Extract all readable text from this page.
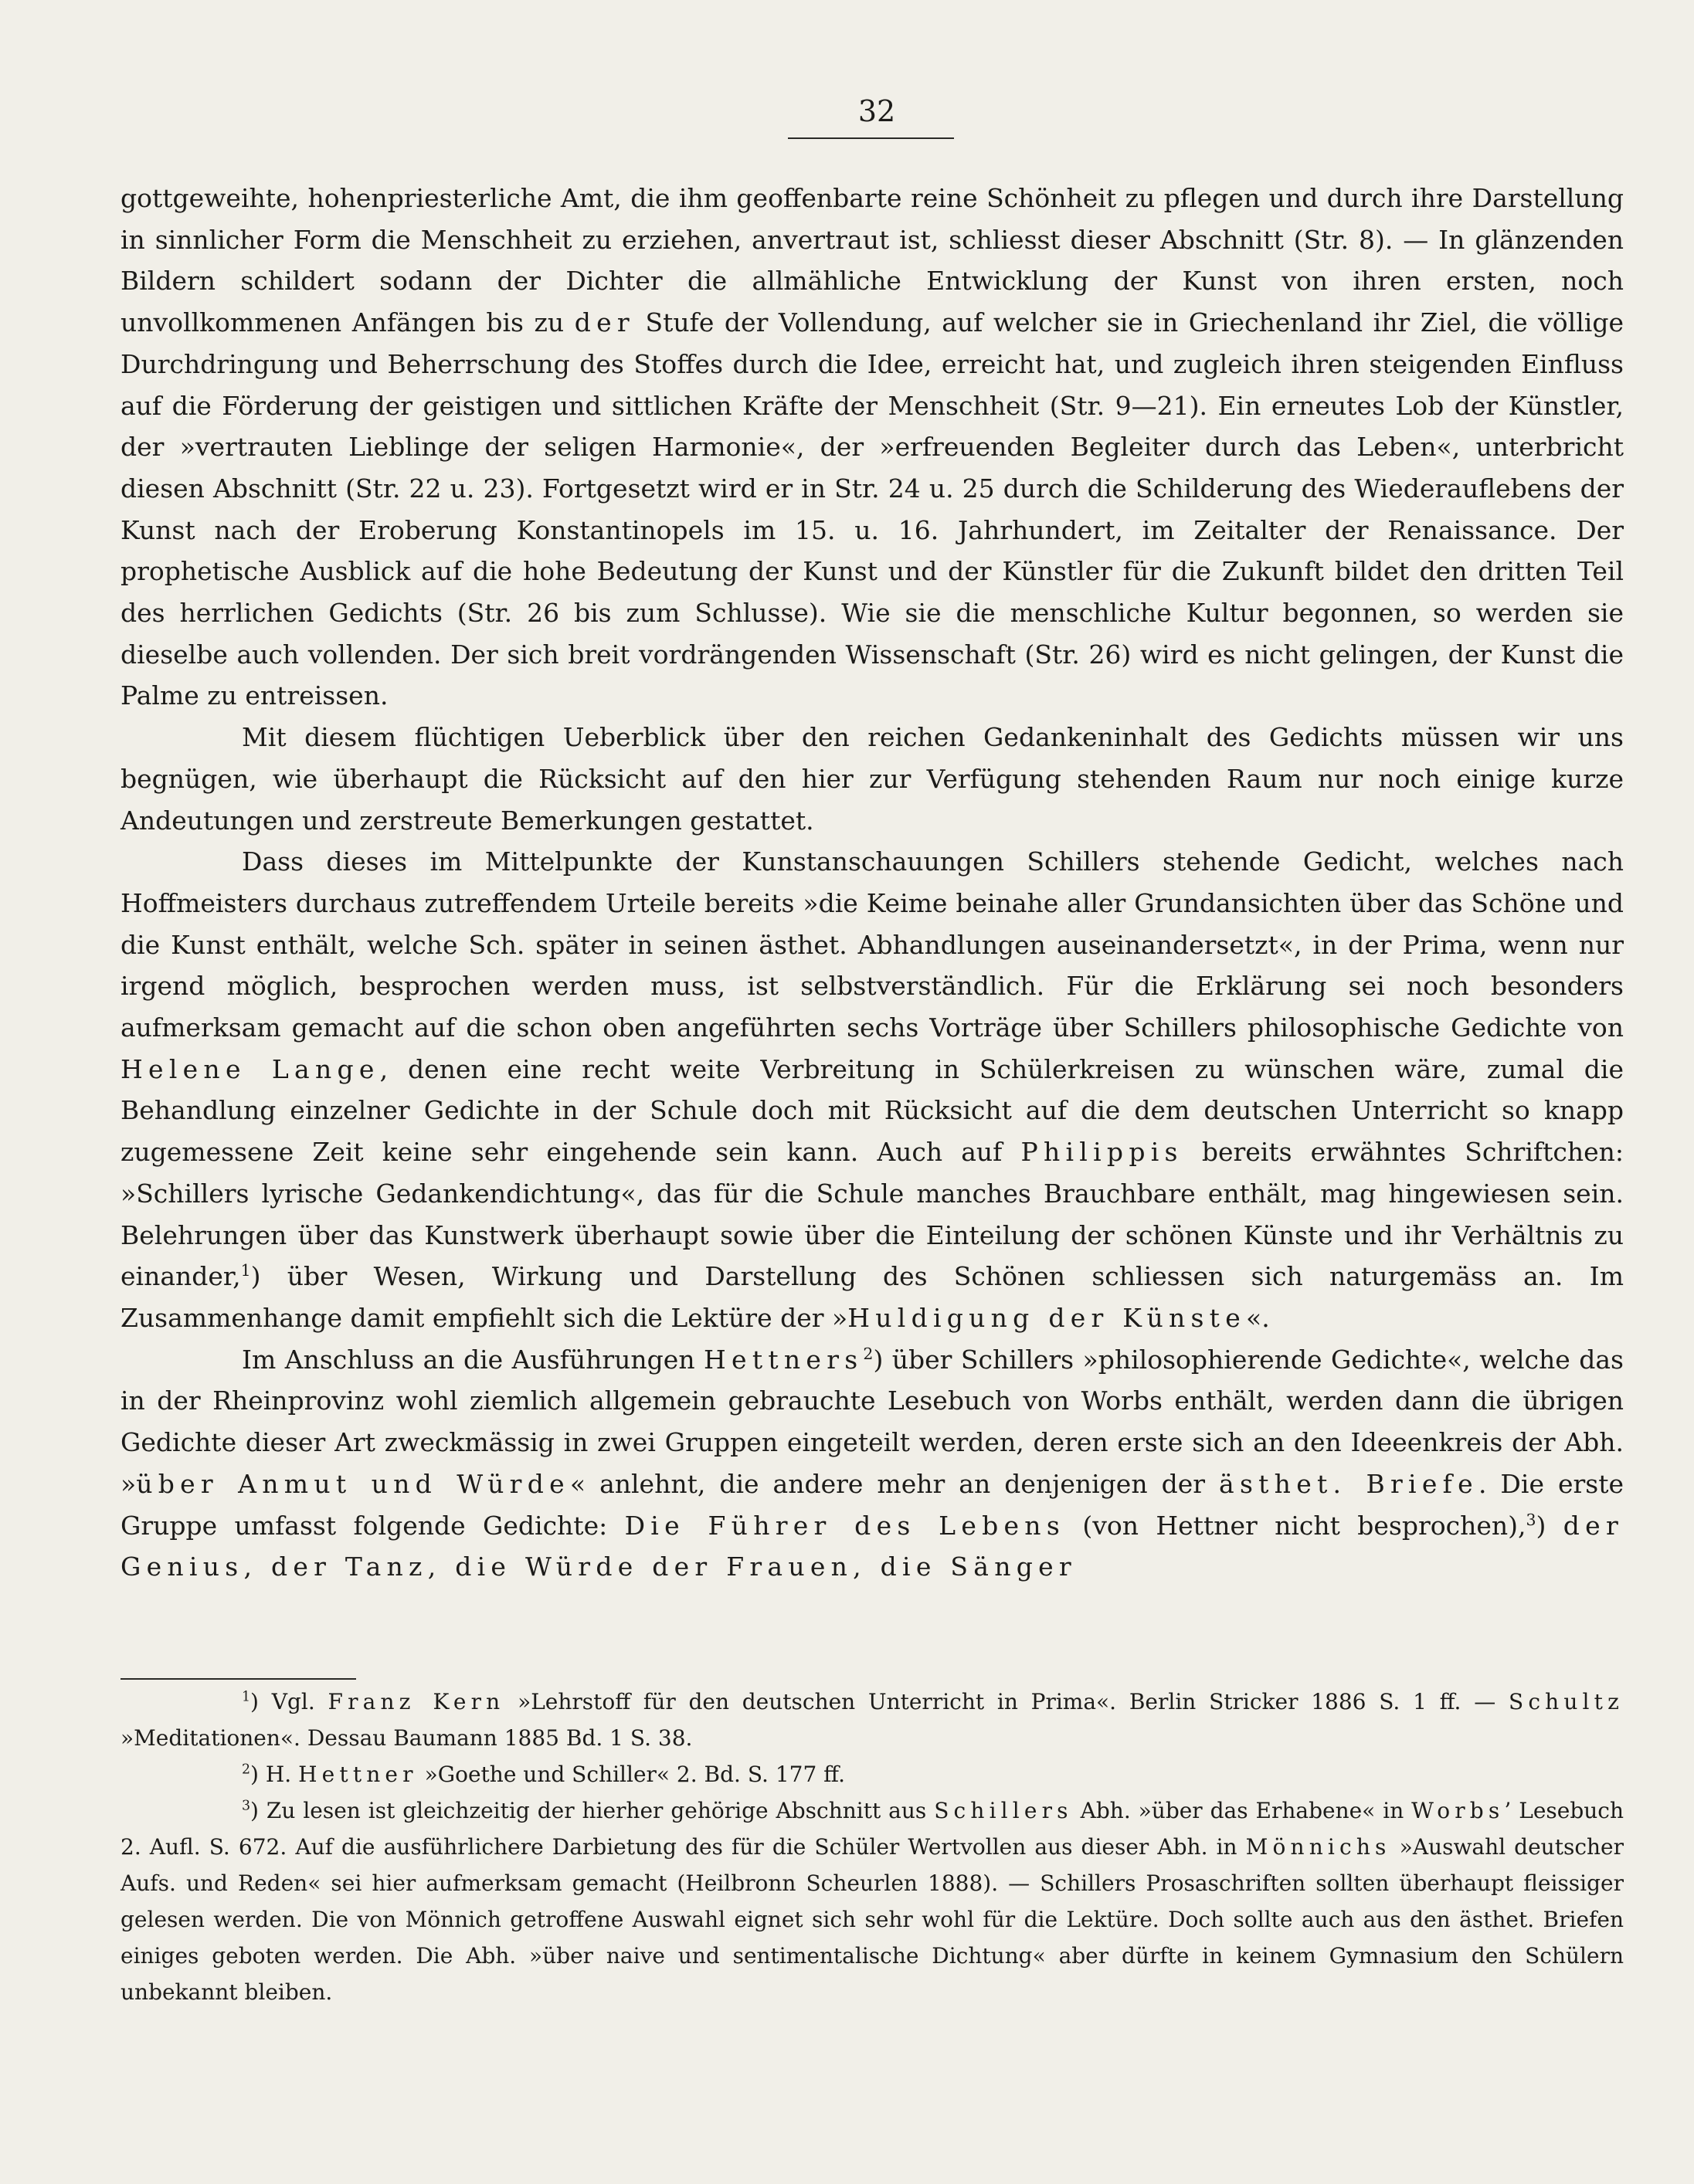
32

gottgeweihte, hohenpriesterliche Amt, die ihm geoffenbarte reine Schönheit zu pflegen und durch ihre Darstellung in sinnlicher Form die Menschheit zu erziehen, anvertraut ist, schliesst dieser Abschnitt (Str. 8). — In glänzenden Bildern schildert sodann der Dichter die allmähliche Entwicklung der Kunst von ihren ersten, noch unvollkommenen Anfängen bis zu der Stufe der Vollendung, auf welcher sie in Griechenland ihr Ziel, die völlige Durchdringung und Beherrschung des Stoffes durch die Idee, erreicht hat, und zugleich ihren steigenden Einfluss auf die Förderung der geistigen und sittlichen Kräfte der Menschheit (Str. 9—21). Ein erneutes Lob der Künstler, der »vertrauten Lieblinge der seligen Harmonie«, der »erfreuenden Begleiter durch das Leben«, unterbricht diesen Abschnitt (Str. 22 u. 23). Fortgesetzt wird er in Str. 24 u. 25 durch die Schilderung des Wiederauflebens der Kunst nach der Eroberung Konstantinopels im 15. u. 16. Jahrhundert, im Zeitalter der Renaissance. Der prophetische Ausblick auf die hohe Bedeutung der Kunst und der Künstler für die Zukunft bildet den dritten Teil des herrlichen Gedichts (Str. 26 bis zum Schlusse). Wie sie die menschliche Kultur begonnen, so werden sie dieselbe auch vollenden. Der sich breit vordrängenden Wissenschaft (Str. 26) wird es nicht gelingen, der Kunst die Palme zu entreissen.

Mit diesem flüchtigen Ueberblick über den reichen Gedankeninhalt des Gedichts müssen wir uns begnügen, wie überhaupt die Rücksicht auf den hier zur Verfügung stehenden Raum nur noch einige kurze Andeutungen und zerstreute Bemerkungen gestattet.

Dass dieses im Mittelpunkte der Kunstanschauungen Schillers stehende Gedicht, welches nach Hoffmeisters durchaus zutreffendem Urteile bereits »die Keime beinahe aller Grundansichten über das Schöne und die Kunst enthält, welche Sch. später in seinen ästhet. Abhandlungen auseinandersetzt«, in der Prima, wenn nur irgend möglich, besprochen werden muss, ist selbstverständlich. Für die Erklärung sei noch besonders aufmerksam gemacht auf die schon oben angeführten sechs Vorträge über Schillers philosophische Gedichte von Helene Lange, denen eine recht weite Verbreitung in Schülerkreisen zu wünschen wäre, zumal die Behandlung einzelner Gedichte in der Schule doch mit Rücksicht auf die dem deutschen Unterricht so knapp zugemessene Zeit keine sehr eingehende sein kann. Auch auf Philippis bereits erwähntes Schriftchen: »Schillers lyrische Gedankendichtung«, das für die Schule manches Brauchbare enthält, mag hingewiesen sein. Belehrungen über das Kunstwerk überhaupt sowie über die Einteilung der schönen Künste und ihr Verhältnis zu einander,$^1$) über Wesen, Wirkung und Darstellung des Schönen schliessen sich naturgemäss an. Im Zusammenhange damit empfiehlt sich die Lektüre der »Huldigung der Künste«.

Im Anschluss an die Ausführungen Hettners$^2$) über Schillers »philosophierende Gedichte«, welche das in der Rheinprovinz wohl ziemlich allgemein gebrauchte Lesebuch von Worbs enthält, werden dann die übrigen Gedichte dieser Art zweckmässig in zwei Gruppen eingeteilt werden, deren erste sich an den Ideeenkreis der Abh. »über Anmut und Würde« anlehnt, die andere mehr an denjenigen der ästhet. Briefe. Die erste Gruppe umfasst folgende Gedichte: Die Führer des Lebens (von Hettner nicht besprochen),$^3$) der Genius, der Tanz, die Würde der Frauen, die Sänger

$^1$) Vgl. Franz Kern »Lehrstoff für den deutschen Unterricht in Prima«. Berlin Stricker 1886 S. 1 ff. — Schultz »Meditationen«. Dessau Baumann 1885 Bd. 1 S. 38.

$^2$) H. Hettner »Goethe und Schiller« 2. Bd. S. 177 ff.

$^3$) Zu lesen ist gleichzeitig der hierher gehörige Abschnitt aus Schillers Abh. »über das Erhabene« in Worbs’ Lesebuch 2. Aufl. S. 672. Auf die ausführlichere Darbietung des für die Schüler Wertvollen aus dieser Abh. in Mönnichs »Auswahl deutscher Aufs. und Reden« sei hier aufmerksam gemacht (Heilbronn Scheurlen 1888). — Schillers Prosaschriften sollten überhaupt fleissiger gelesen werden. Die von Mönnich getroffene Auswahl eignet sich sehr wohl für die Lektüre. Doch sollte auch aus den ästhet. Briefen einiges geboten werden. Die Abh. »über naive und sentimentalische Dichtung« aber dürfte in keinem Gymnasium den Schülern unbekannt bleiben.
